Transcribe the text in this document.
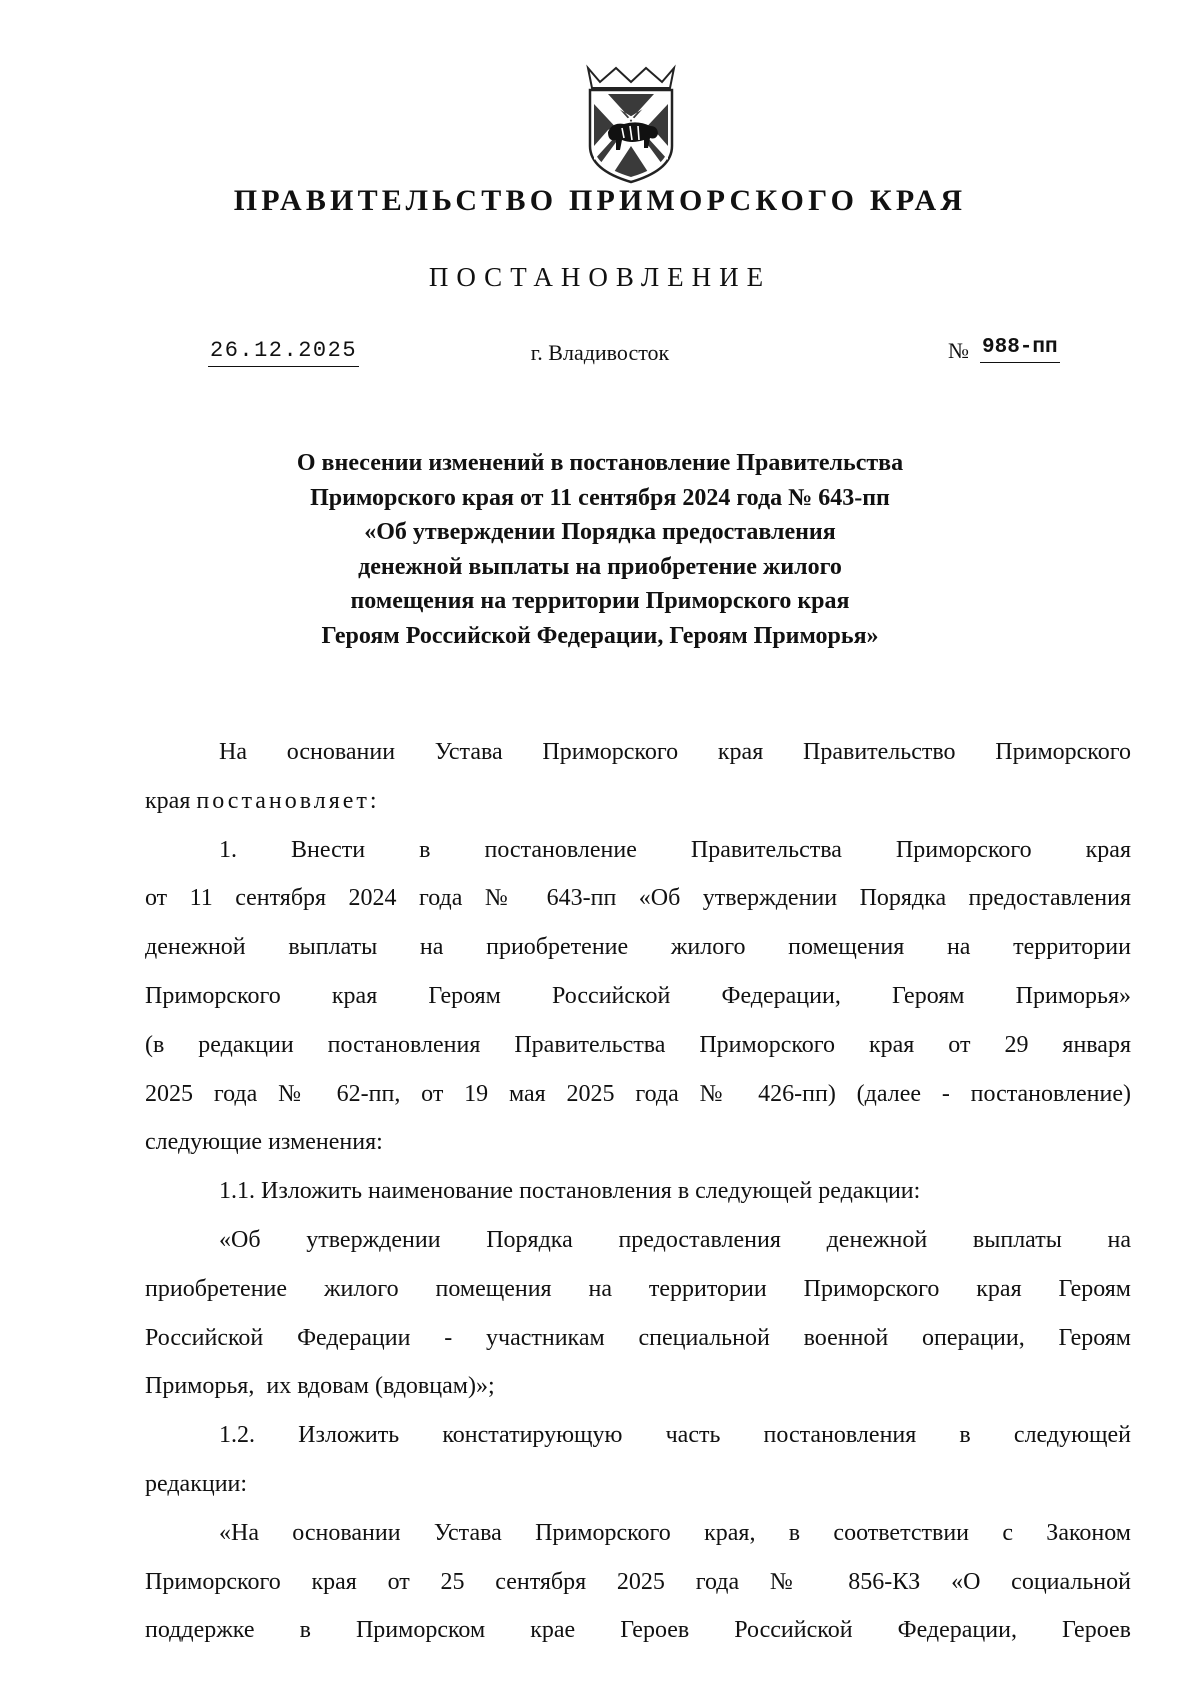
ПРАВИТЕЛЬСТВО ПРИМОРСКОГО КРАЯ
ПОСТАНОВЛЕНИЕ
26.12.2025	г. Владивосток	№ 988-пп
О внесении изменений в постановление Правительства
Приморского края от 11 сентября 2024 года № 643-пп
«Об утверждении Порядка предоставления
денежной выплаты на приобретение жилого
помещения на территории Приморского края
Героям Российской Федерации, Героям Приморья»
На основании Устава Приморского края Правительство Приморского
края постановляет:
1. Внести в постановление Правительства Приморского края
от 11 сентября 2024 года № 643-пп «Об утверждении Порядка предоставления
денежной выплаты на приобретение жилого помещения на территории
Приморского края Героям Российской Федерации, Героям Приморья»
(в редакции постановления Правительства Приморского края от 29 января
2025 года № 62-пп, от 19 мая 2025 года № 426-пп) (далее - постановление)
следующие изменения:
1.1. Изложить наименование постановления в следующей редакции:
«Об утверждении Порядка предоставления денежной выплаты на
приобретение жилого помещения на территории Приморского края Героям
Российской Федерации - участникам специальной военной операции, Героям
Приморья,  их вдовам (вдовцам)»;
1.2. Изложить констатирующую часть постановления в следующей
редакции:
«На основании Устава Приморского края, в соответствии с Законом
Приморского края от 25 сентября 2025 года № 856-КЗ «О социальной
поддержке в Приморском крае Героев Российской Федерации, Героев
